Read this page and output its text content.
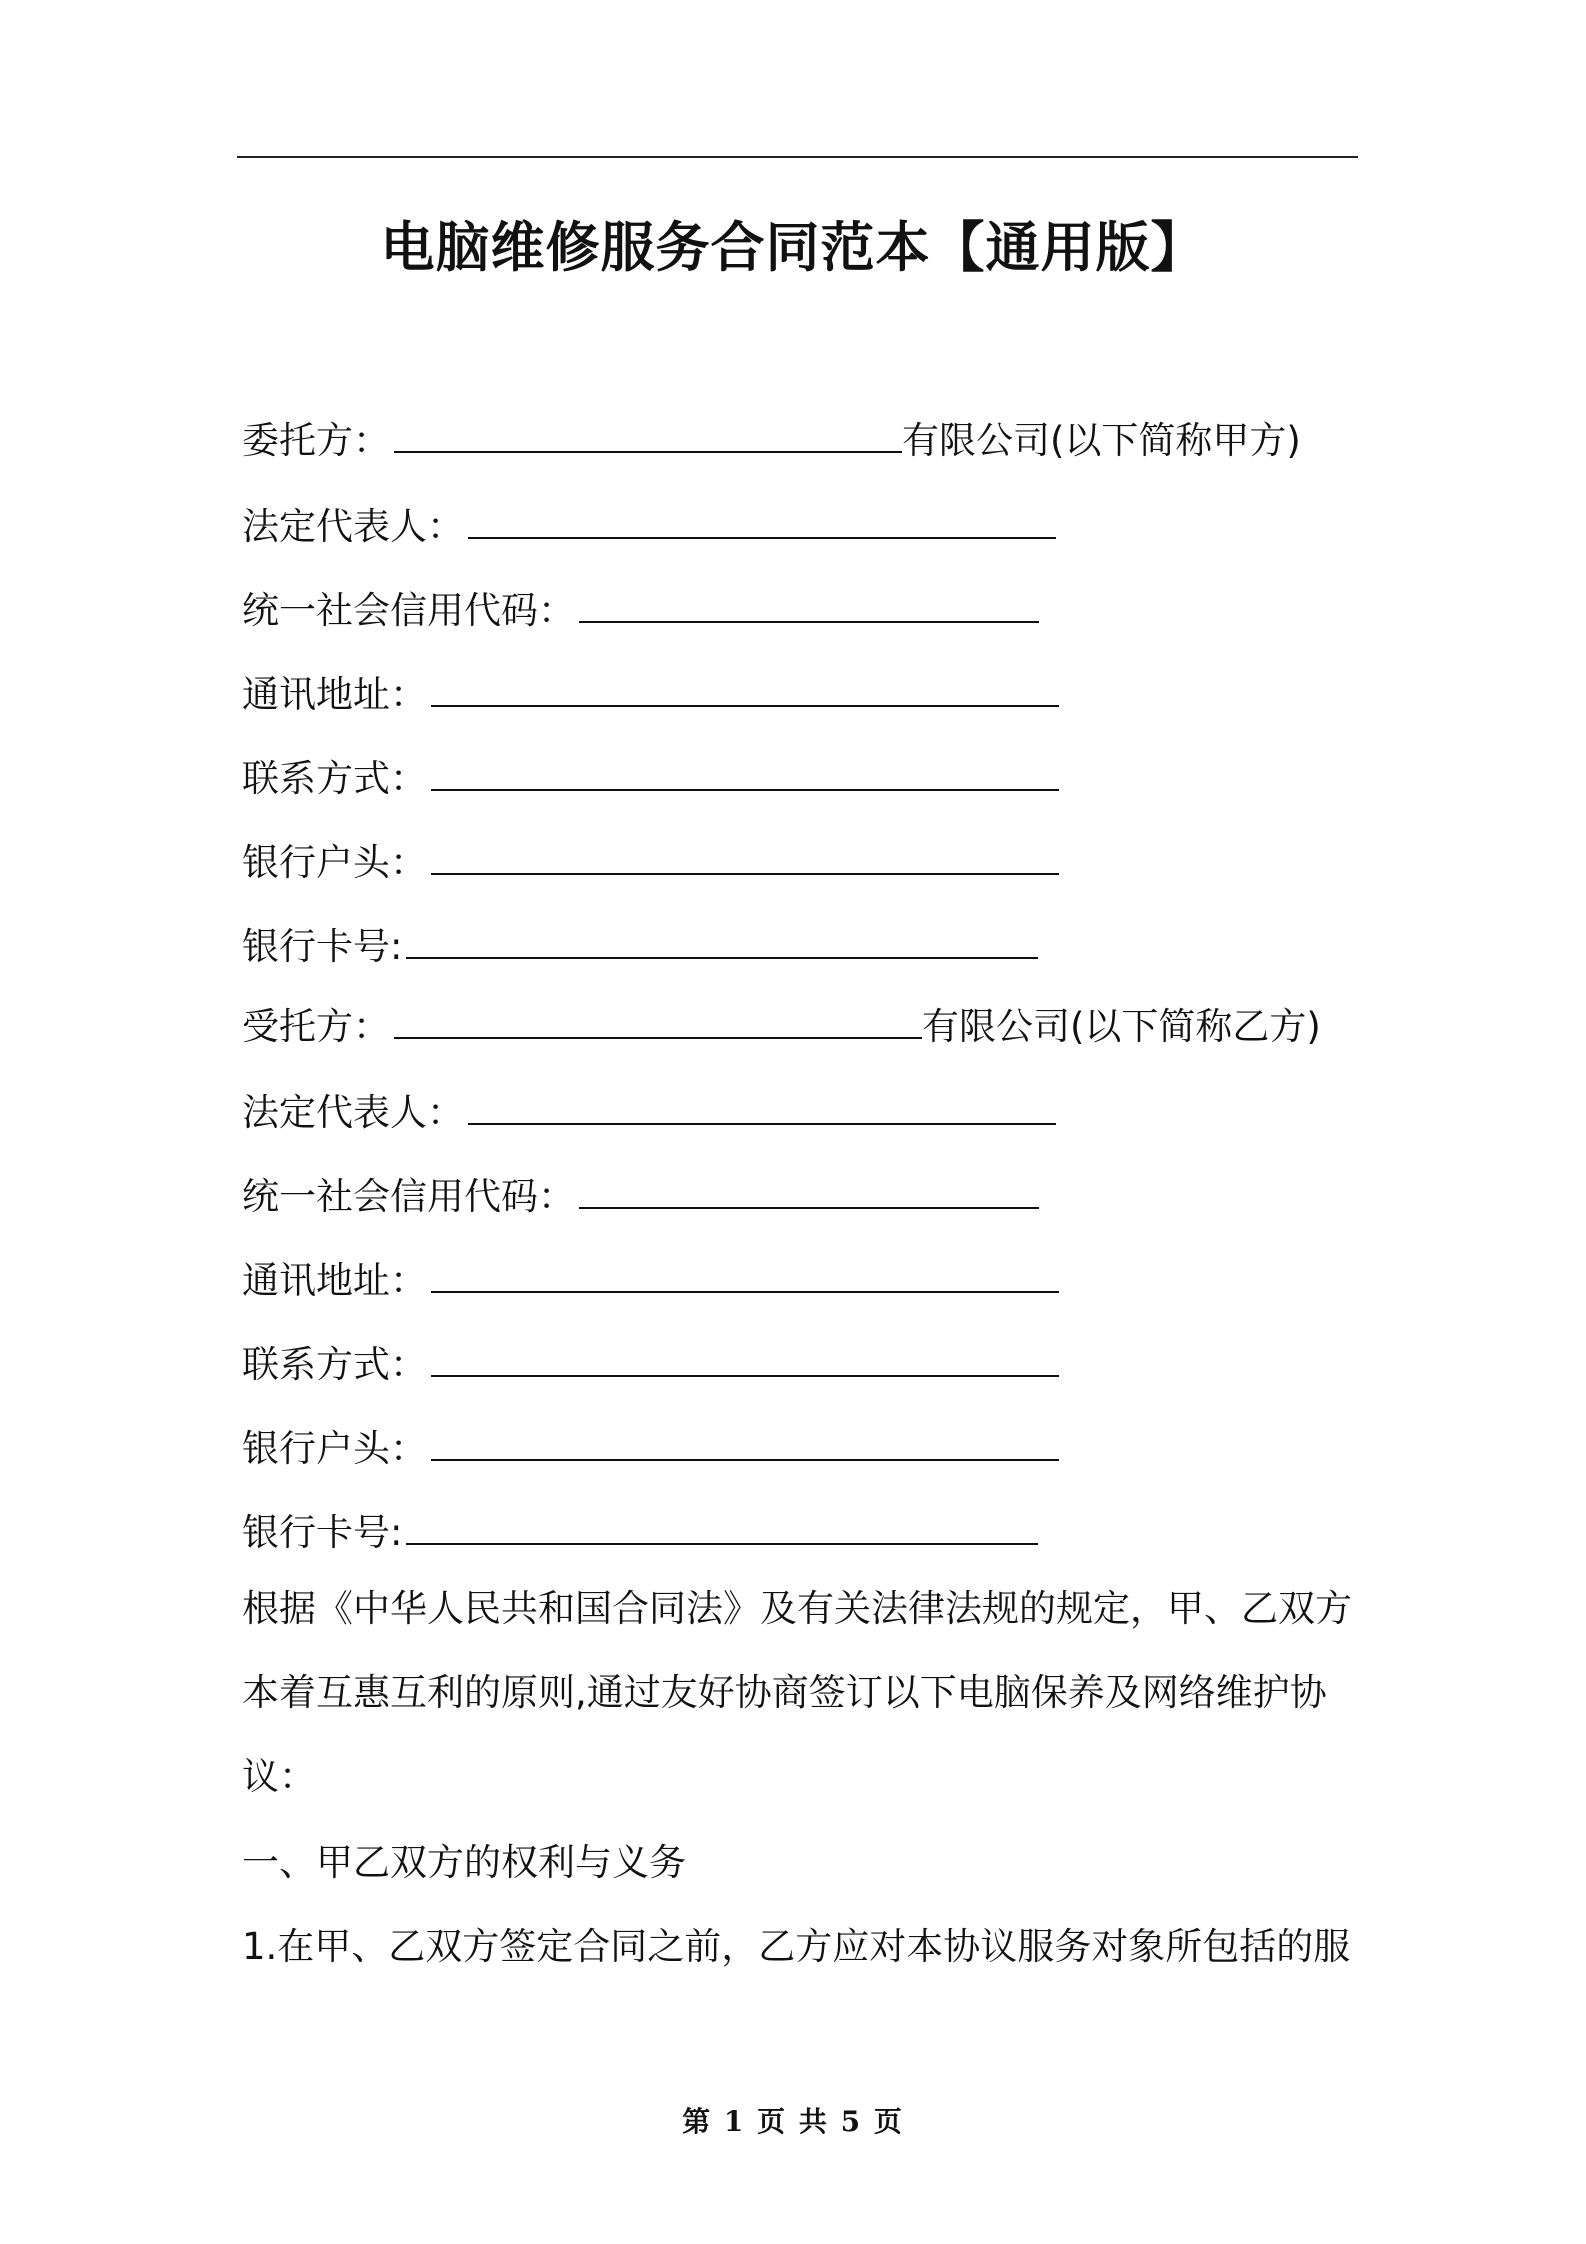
电脑维修服务合同范本【通用版】
委托方：	有限公司(以下简称甲方)
法定代表人：
统一社会信用代码：
通讯地址：
联系方式：
银行户头：
银行卡号:
受托方：	有限公司(以下简称乙方)
法定代表人：
统一社会信用代码：
通讯地址：
联系方式：
银行户头：
银行卡号:
根据《中华人民共和国合同法》及有关法律法规的规定，甲、乙双方
本着互惠互利的原则,通过友好协商签订以下电脑保养及网络维护协
议：
一、甲乙双方的权利与义务
1.在甲、乙双方签定合同之前，乙方应对本协议服务对象所包括的服
第 1 页 共 5 页
